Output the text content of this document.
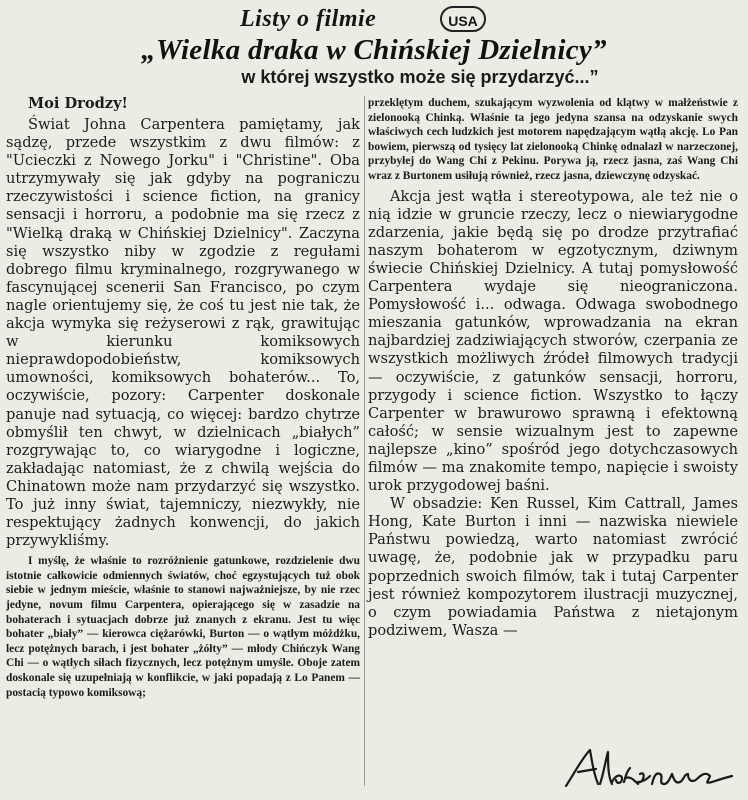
Listy o filmie	USA
„Wielka draka w Chińskiej Dzielnicy”
w której wszystko może się przydarzyć...”
Moi Drodzy!

Świat Johna Carpentera pamiętamy, jak sądzę, przede wszystkim z dwu filmów: z "Ucieczki z Nowego Jorku" i "Christine". Oba utrzymywały się jak gdyby na pograniczu rzeczywistości i science fiction, na granicy sensacji i horroru, a podobnie ma się rzecz z "Wielką draką w Chińskiej Dzielnicy". Zaczyna się wszystko niby w zgodzie z regułami dobrego filmu kryminalnego, rozgrywanego w fascynującej scenerii San Francisco, po czym nagle orientujemy się, że coś tu jest nie tak, że akcja wymyka się reżyserowi z rąk, grawitując w kierunku komiksowych nieprawdopodobieństw, komiksowych umowności, komiksowych bohaterów... To, oczywiście, pozory: Carpenter doskonale panuje nad sytuacją, co więcej: bardzo chytrze obmyślił ten chwyt, w dzielnicach „białych” rozgrywając to, co wiarygodne i logiczne, zakładając natomiast, że z chwilą wejścia do Chinatown może nam przydarzyć się wszystko. To już inny świat, tajemniczy, niezwykły, nie respektujący żadnych konwencji, do jakich przywykliśmy.

I myślę, że właśnie to rozróżnienie gatunkowe, rozdzielenie dwu istotnie całkowicie odmiennych światów, choć egzystujących tuż obok siebie w jednym mieście, właśnie to stanowi najważniejsze, by nie rzec jedyne, novum filmu Carpentera, opierającego się w zasadzie na bohaterach i sytuacjach dobrze już znanych z ekranu. Jest tu więc bohater „biały” — kierowca ciężarówki, Burton — o wątłym móżdżku, lecz potężnych barach, i jest bohater „żółty” — młody Chińczyk Wang Chi — o wątłych siłach fizycznych, lecz potężnym umyśle. Oboje zatem doskonale się uzupełniają w konflikcie, w jaki popadają z Lo Panem — postacią typowo komiksową;

przeklętym duchem, szukającym wyzwolenia od klątwy w małżeństwie z zielonooką Chinką. Właśnie ta jego jedyna szansa na odzyskanie swych właściwych cech ludzkich jest motorem napędzającym wątłą akcję. Lo Pan bowiem, pierwszą od tysięcy lat zielonooką Chinkę odnalazł w narzeczonej, przybyłej do Wang Chi z Pekinu. Porywa ją, rzecz jasna, zaś Wang Chi wraz z Burtonem usiłują również, rzecz jasna, dziewczynę odzyskać.

Akcja jest wątła i stereotypowa, ale też nie o nią idzie w gruncie rzeczy, lecz o niewiarygodne zdarzenia, jakie będą się po drodze przytrafiać naszym bohaterom w egzotycznym, dziwnym świecie Chińskiej Dzielnicy. A tutaj pomysłowość Carpentera wydaje się nieograniczona. Pomysłowość i... odwaga. Odwaga swobodnego mieszania gatunków, wprowadzania na ekran najbardziej zadziwiających stworów, czerpania ze wszystkich możliwych źródeł filmowych tradycji — oczywiście, z gatunków sensacji, horroru, przygody i science fiction. Wszystko to łączy Carpenter w brawurowo sprawną i efektowną całość; w sensie wizualnym jest to zapewne najlepsze „kino” spośród jego dotychczasowych filmów — ma znakomite tempo, napięcie i swoisty urok przygodowej baśni.

W obsadzie: Ken Russel, Kim Cattrall, James Hong, Kate Burton i inni — nazwiska niewiele Państwu powiedzą, warto natomiast zwrócić uwagę, że, podobnie jak w przypadku paru poprzednich swoich filmów, tak i tutaj Carpenter jest również kompozytorem ilustracji muzycznej, o czym powiadamia Państwa z nietajonym podziwem, Wasza —
